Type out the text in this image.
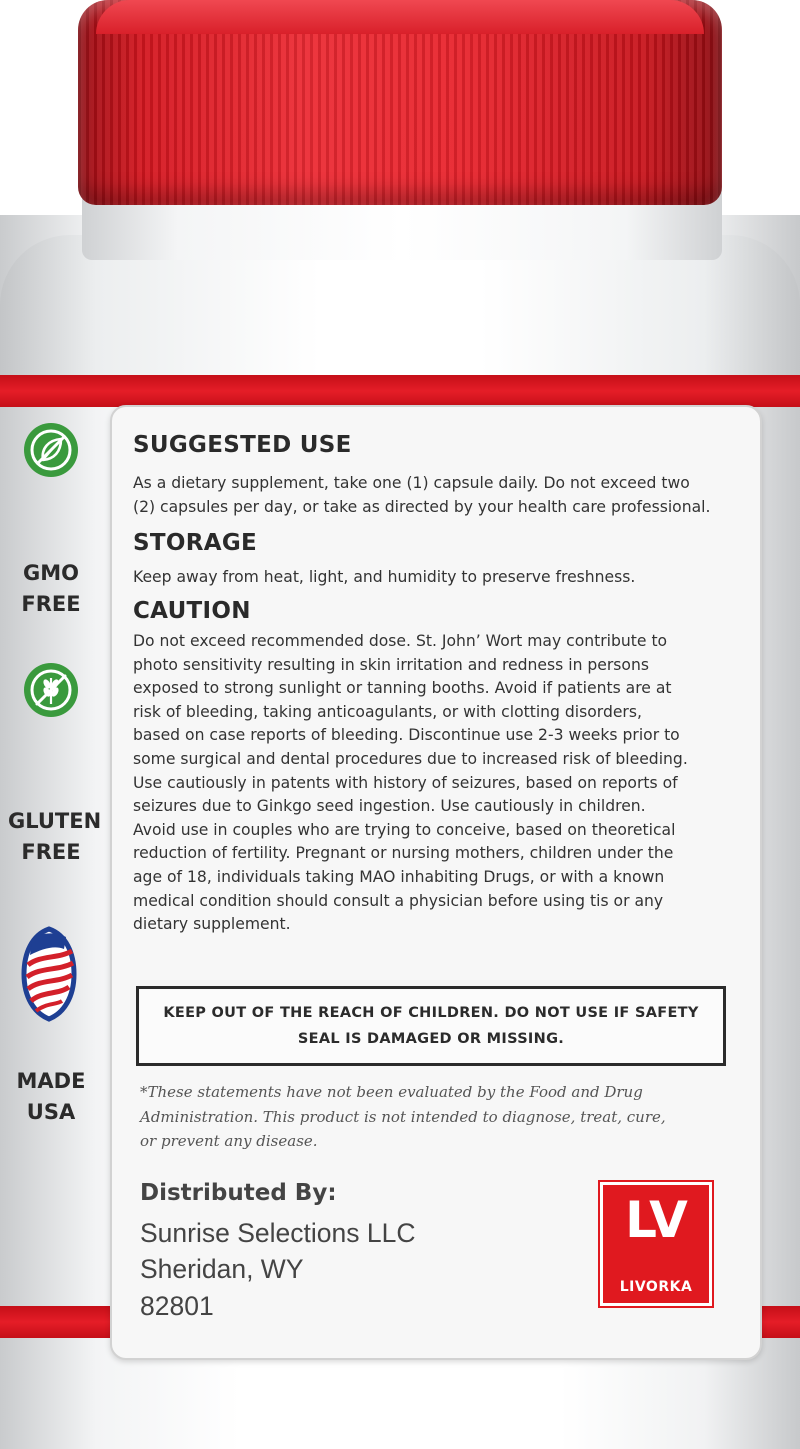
GMO
FREE
GLUTEN
FREE
MADE
USA
SUGGESTED USE
As a dietary supplement, take one (1) capsule daily. Do not exceed two
(2) capsules per day, or take as directed by your health care professional.
STORAGE
Keep away from heat, light, and humidity to preserve freshness.
CAUTION
Do not exceed recommended dose. St. John’ Wort may contribute to
photo sensitivity resulting in skin irritation and redness in persons
exposed to strong sunlight or tanning booths. Avoid if patients are at
risk of bleeding, taking anticoagulants, or with clotting disorders,
based on case reports of bleeding. Discontinue use 2-3 weeks prior to
some surgical and dental procedures due to increased risk of bleeding.
Use cautiously in patents with history of seizures, based on reports of
seizures due to Ginkgo seed ingestion. Use cautiously in children.
Avoid use in couples who are trying to conceive, based on theoretical
reduction of fertility. Pregnant or nursing mothers, children under the
age of 18, individuals taking MAO inhabiting Drugs, or with a known
medical condition should consult a physician before using tis or any
dietary supplement.
KEEP OUT OF THE REACH OF CHILDREN. DO NOT USE IF SAFETY
SEAL IS DAMAGED OR MISSING.
*These statements have not been evaluated by the Food and Drug
Administration. This product is not intended to diagnose, treat, cure,
or prevent any disease.
Distributed By:
Sunrise Selections LLC
Sheridan, WY
82801
LV
LIVORKA
